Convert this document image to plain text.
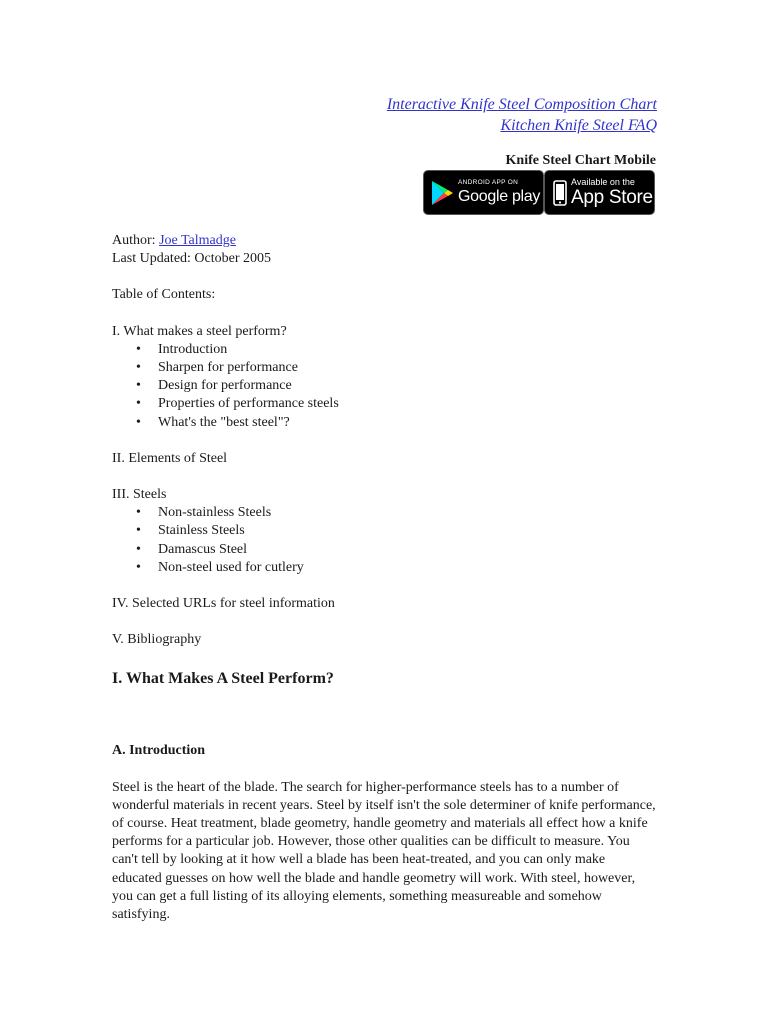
Interactive Knife Steel Composition Chart
Kitchen Knife Steel FAQ
Knife Steel Chart Mobile
ANDROID APP ON
Google play
Available on the
App Store

Author: Joe Talmadge

Last Updated: October 2005

Table of Contents:

I. What makes a steel perform?

• Introduction
• Sharpen for performance
• Design for performance
• Properties of performance steels
• What's the "best steel"?

II. Elements of Steel

III. Steels

• Non-stainless Steels
• Stainless Steels
• Damascus Steel
• Non-steel used for cutlery

IV. Selected URLs for steel information

V. Bibliography

I. What Makes A Steel Perform?
A. Introduction

Steel is the heart of the blade. The search for higher-performance steels has to a number of wonderful materials in recent years. Steel by itself isn't the sole determiner of knife performance, of course. Heat treatment, blade geometry, handle geometry and materials all effect how a knife performs for a particular job. However, those other qualities can be difficult to measure. You can't tell by looking at it how well a blade has been heat-treated, and you can only make educated guesses on how well the blade and handle geometry will work. With steel, however, you can get a full listing of its alloying elements, something measureable and somehow satisfying.
